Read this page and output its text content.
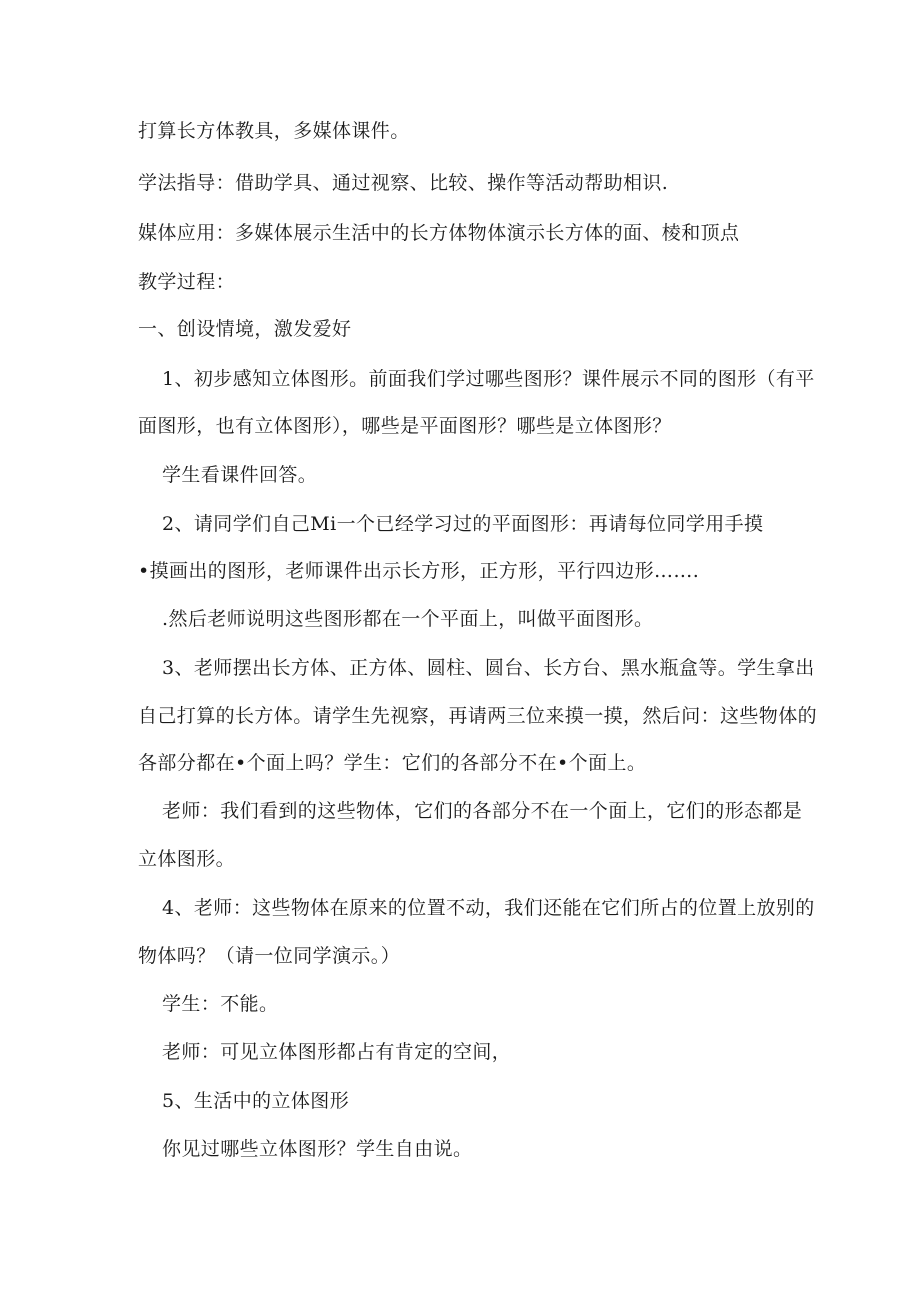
打算长方体教具，多媒体课件。
学法指导：借助学具、通过视察、比较、操作等活动帮助相识.
媒体应用：多媒体展示生活中的长方体物体演示长方体的面、棱和顶点
教学过程：
一、创设情境，激发爱好
1、初步感知立体图形。前面我们学过哪些图形？课件展示不同的图形（有平
面图形，也有立体图形），哪些是平面图形？哪些是立体图形？
学生看课件回答。
2、请同学们自己Mi一个已经学习过的平面图形：再请每位同学用手摸
•摸画出的图形，老师课件出示长方形，正方形，平行四边形…….
.然后老师说明这些图形都在一个平面上，叫做平面图形。
3、老师摆出长方体、正方体、圆柱、圆台、长方台、黑水瓶盒等。学生拿出
自己打算的长方体。请学生先视察，再请两三位来摸一摸，然后问：这些物体的
各部分都在•个面上吗？学生：它们的各部分不在•个面上。
老师：我们看到的这些物体，它们的各部分不在一个面上，它们的形态都是
立体图形。
4、老师：这些物体在原来的位置不动，我们还能在它们所占的位置上放别的
物体吗？（请一位同学演示。）
学生：不能。
老师：可见立体图形都占有肯定的空间，
5、生活中的立体图形
你见过哪些立体图形？学生自由说。
